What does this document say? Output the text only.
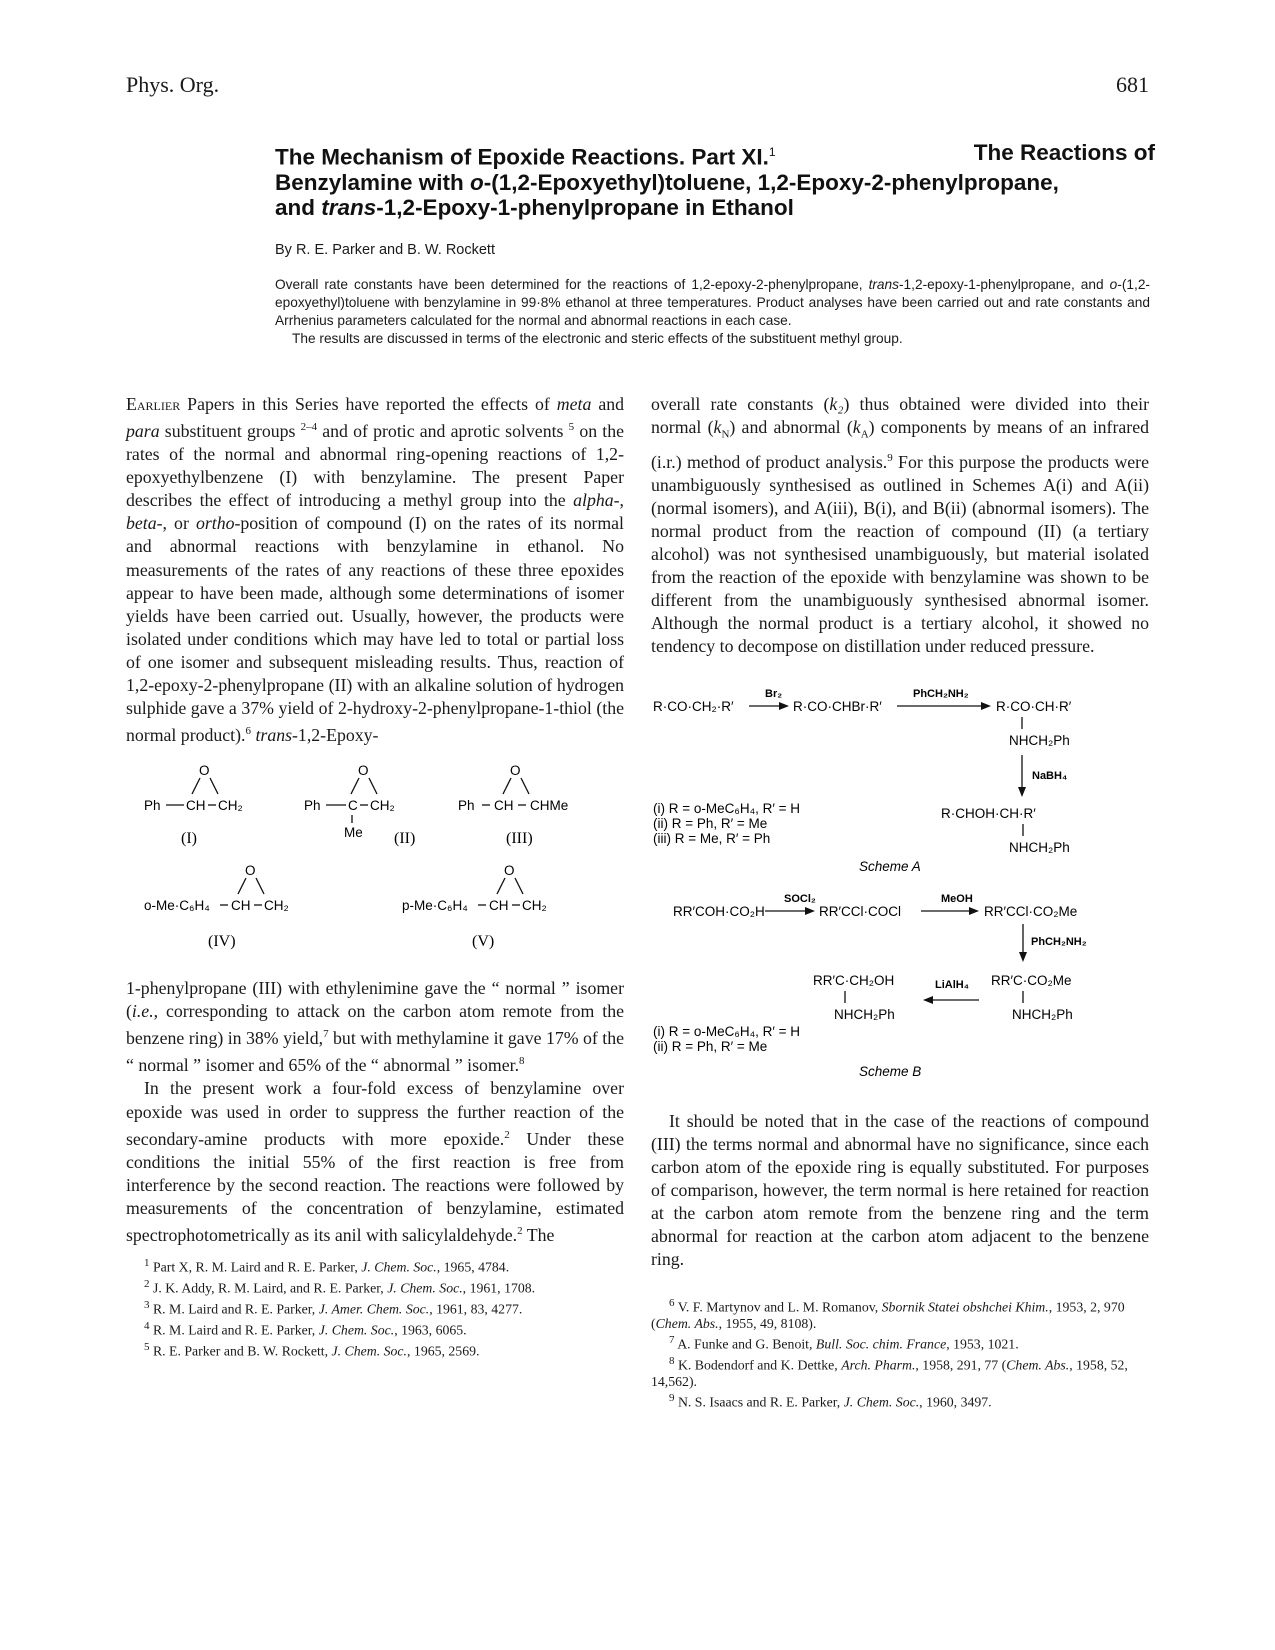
Phys. Org.	681
The Mechanism of Epoxide Reactions. Part XI.$^1$	The Reactions of
Benzylamine with o-(1,2-Epoxyethyl)toluene, 1,2-Epoxy-2-phenylpropane,
and trans-1,2-Epoxy-1-phenylpropane in Ethanol
By R. E. Parker and B. W. Rockett

Overall rate constants have been determined for the reactions of 1,2-epoxy-2-phenylpropane, trans-1,2-epoxy-1-phenylpropane, and o-(1,2-epoxyethyl)toluene with benzylamine in 99·8% ethanol at three temperatures. Product analyses have been carried out and rate constants and Arrhenius parameters calculated for the normal and abnormal reactions in each case.

The results are discussed in terms of the electronic and steric effects of the substituent methyl group.

Earlier Papers in this Series have reported the effects of meta and para substituent groups $^{2-4}$ and of protic and aprotic solvents $^5$ on the rates of the normal and abnormal ring-opening reactions of 1,2-epoxyethylbenzene (I) with benzylamine. The present Paper describes the effect of introducing a methyl group into the alpha-, beta-, or ortho-position of compound (I) on the rates of its normal and abnormal reactions with benzylamine in ethanol. No measurements of the rates of any reactions of these three epoxides appear to have been made, although some determinations of isomer yields have been carried out. Usually, however, the products were isolated under conditions which may have led to total or partial loss of one isomer and subsequent misleading results. Thus, reaction of 1,2-epoxy-2-phenylpropane (II) with an alkaline solution of hydrogen sulphide gave a 37% yield of 2-hydroxy-2-phenylpropane-1-thiol (the normal product).$^6$ trans-1,2-Epoxy-

Ph CH CH₂
O
(I)
Ph C CH₂
O
Me (II)
Ph CH CHMe
O
(III)
o-Me·C₆H₄ CH CH₂
O
(IV)
p-Me·C₆H₄ CH CH₂
O
(V)

1-phenylpropane (III) with ethylenimine gave the “ normal ” isomer (i.e., corresponding to attack on the carbon atom remote from the benzene ring) in 38% yield,$^7$ but with methylamine it gave 17% of the “ normal ” isomer and 65% of the “ abnormal ” isomer.$^8$

In the present work a four-fold excess of benzylamine over epoxide was used in order to suppress the further reaction of the secondary-amine products with more epoxide.$^2$ Under these conditions the initial 55% of the first reaction is free from interference by the second reaction. The reactions were followed by measurements of the concentration of benzylamine, estimated spectrophotometrically as its anil with salicylaldehyde.$^2$ The

$^1$ Part X, R. M. Laird and R. E. Parker, J. Chem. Soc., 1965, 4784.
$^2$ J. K. Addy, R. M. Laird, and R. E. Parker, J. Chem. Soc., 1961, 1708.
$^3$ R. M. Laird and R. E. Parker, J. Amer. Chem. Soc., 1961, 83, 4277.
$^4$ R. M. Laird and R. E. Parker, J. Chem. Soc., 1963, 6065.
$^5$ R. E. Parker and B. W. Rockett, J. Chem. Soc., 1965, 2569.

overall rate constants (k₂) thus obtained were divided into their normal $(k_N)$ and abnormal $(k_A)$ components by means of an infrared (i.r.) method of product analysis.$^9$ For this purpose the products were unambiguously synthesised as outlined in Schemes A(i) and A(ii) (normal isomers), and A(iii), B(i), and B(ii) (abnormal isomers). The normal product from the reaction of compound (II) (a tertiary alcohol) was not synthesised unambiguously, but material isolated from the reaction of the epoxide with benzylamine was shown to be different from the unambiguously synthesised abnormal isomer. Although the normal product is a tertiary alcohol, it showed no tendency to decompose on distillation under reduced pressure.

R·CO·CH₂·R′
Br₂
R·CO·CHBr·R′
PhCH₂NH₂
R·CO·CH·R′
NHCH₂Ph
NaBH₄
R·CHOH·CH·R′
NHCH₂Ph
(i) R = o-MeC₆H₄, R′ = H
(ii) R = Ph, R′ = Me
(iii) R = Me, R′ = Ph
Scheme A
RR′COH·CO₂H
SOCl₂
RR′CCl·COCl
MeOH
RR′CCl·CO₂Me
PhCH₂NH₂
RR′C·CO₂Me
NHCH₂Ph
LiAlH₄
RR′C·CH₂OH
NHCH₂Ph
(i) R = o-MeC₆H₄, R′ = H
(ii) R = Ph, R′ = Me
Scheme B

It should be noted that in the case of the reactions of compound (III) the terms normal and abnormal have no significance, since each carbon atom of the epoxide ring is equally substituted. For purposes of comparison, however, the term normal is here retained for reaction at the carbon atom remote from the benzene ring and the term abnormal for reaction at the carbon atom adjacent to the benzene ring.

$^6$ V. F. Martynov and L. M. Romanov, Sbornik Statei obshchei Khim., 1953, 2, 970 (Chem. Abs., 1955, 49, 8108).
$^7$ A. Funke and G. Benoit, Bull. Soc. chim. France, 1953, 1021.
$^8$ K. Bodendorf and K. Dettke, Arch. Pharm., 1958, 291, 77 (Chem. Abs., 1958, 52, 14,562).
$^9$ N. S. Isaacs and R. E. Parker, J. Chem. Soc., 1960, 3497.
